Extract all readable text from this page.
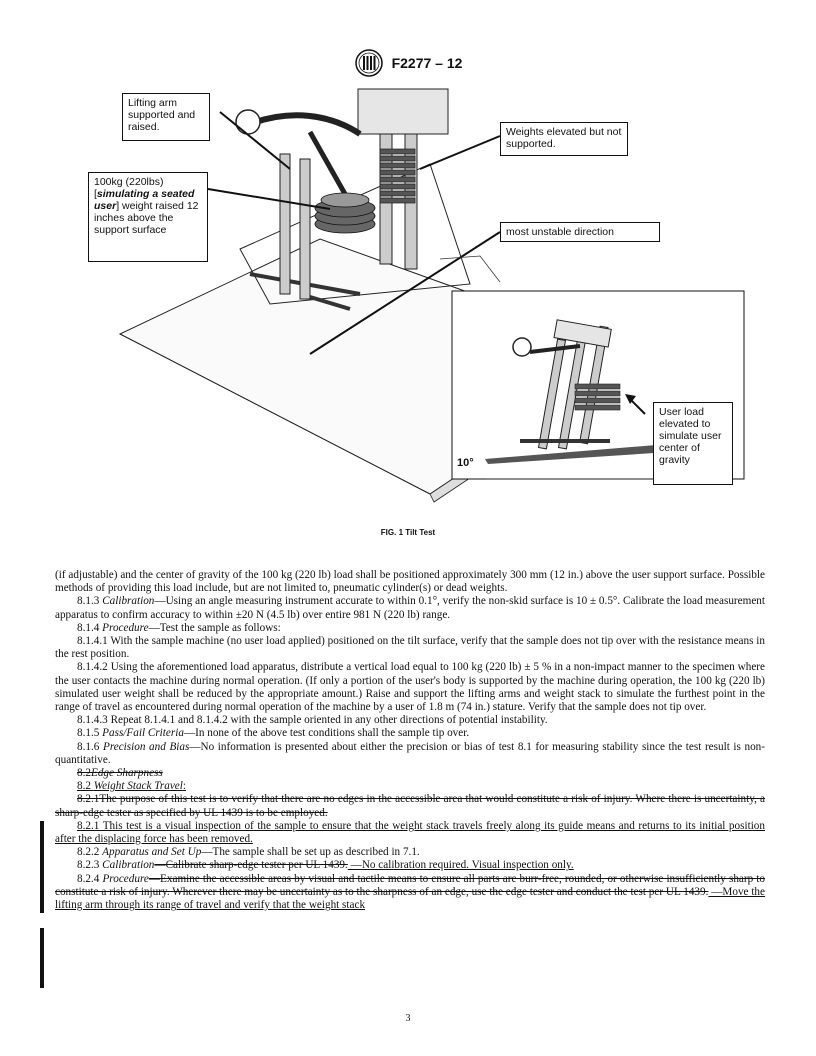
F2277 – 12
Lifting arm supported and raised.	Weights elevated but not supported.
100kg (220lbs)
[simulating a seated user] weight raised 12 inches above the support surface	most unstable direction
User load elevated to simulate user center of gravity
10°
FIG. 1 Tilt Test

(if adjustable) and the center of gravity of the 100 kg (220 lb) load shall be positioned approximately 300 mm (12 in.) above the user support surface. Possible methods of providing this load include, but are not limited to, pneumatic cylinder(s) or dead weights.

8.1.3 Calibration—Using an angle measuring instrument accurate to within 0.1°, verify the non-skid surface is 10 ± 0.5°. Calibrate the load measurement apparatus to confirm accuracy to within ±20 N (4.5 lb) over entire 981 N (220 lb) range.

8.1.4 Procedure—Test the sample as follows:

8.1.4.1 With the sample machine (no user load applied) positioned on the tilt surface, verify that the sample does not tip over with the resistance means in the rest position.

8.1.4.2 Using the aforementioned load apparatus, distribute a vertical load equal to 100 kg (220 lb) ± 5 % in a non-impact manner to the specimen where the user contacts the machine during normal operation. (If only a portion of the user's body is supported by the machine during operation, the 100 kg (220 lb) simulated user weight shall be reduced by the appropriate amount.) Raise and support the lifting arms and weight stack to simulate the furthest point in the range of travel as encountered during normal operation of the machine by a user of 1.8 m (74 in.) stature. Verify that the sample does not tip over.

8.1.4.3 Repeat 8.1.4.1 and 8.1.4.2 with the sample oriented in any other directions of potential instability.

8.1.5 Pass/Fail Criteria—In none of the above test conditions shall the sample tip over.

8.1.6 Precision and Bias—No information is presented about either the precision or bias of test 8.1 for measuring stability since the test result is non-quantitative.

8.2Edge Sharpness

8.2 Weight Stack Travel:

8.2.1The purpose of this test is to verify that there are no edges in the accessible area that would constitute a risk of injury. Where there is uncertainty, a sharp-edge tester as specified by UL 1439 is to be employed.

8.2.1 This test is a visual inspection of the sample to ensure that the weight stack travels freely along its guide means and returns to its initial position after the displacing force has been removed.

8.2.2 Apparatus and Set Up—The sample shall be set up as described in 7.1.

8.2.3 Calibration—Calibrate sharp-edge tester per UL 1439. —No calibration required. Visual inspection only.

8.2.4 Procedure—Examine the accessible areas by visual and tactile means to ensure all parts are burr-free, rounded, or otherwise insufficiently sharp to constitute a risk of injury. Wherever there may be uncertainty as to the sharpness of an edge, use the edge tester and conduct the test per UL 1439. —Move the lifting arm through its range of travel and verify that the weight stack

3
